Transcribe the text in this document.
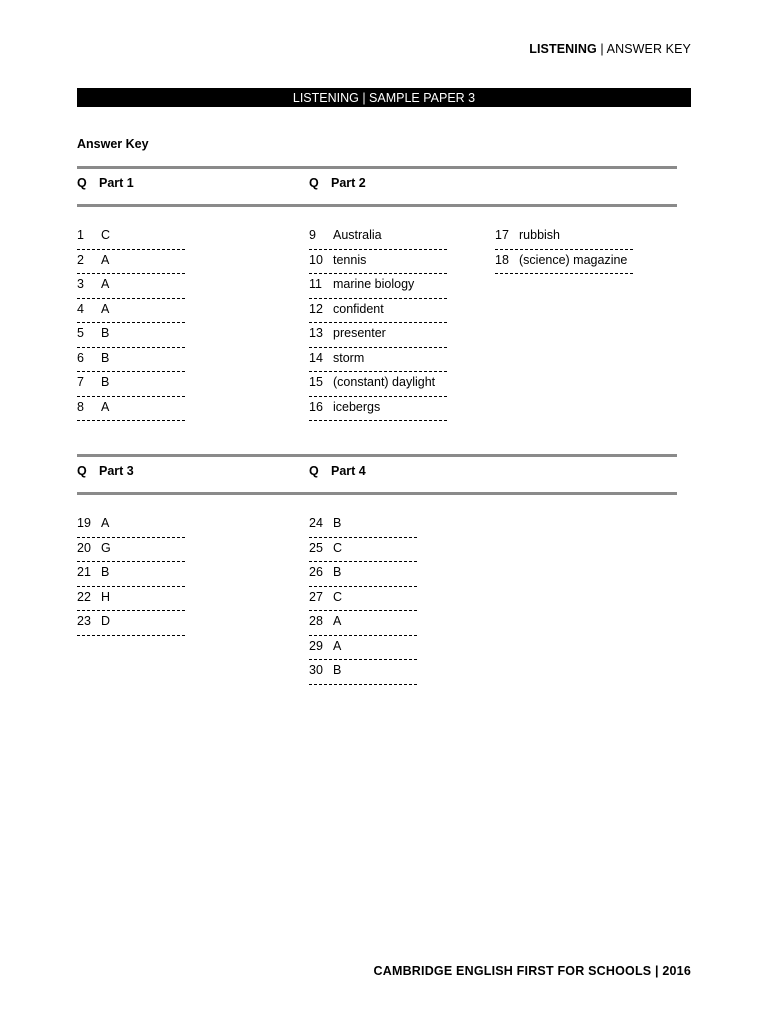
LISTENING | ANSWER KEY
LISTENING | SAMPLE PAPER 3
Answer Key
Q Part 1	Q Part 2
1	C
2	A
3	A
4	A
5	B
6	B
7	B
8	A
9	Australia
10 tennis
11 marine biology
12 confident
13 presenter
14 storm
15 (constant) daylight
16 icebergs
17 rubbish
18 (science) magazine
Q Part 3	Q Part 4
19 A
20 G
21 B
22 H
23 D
24 B
25 C
26 B
27 C
28 A
29 A
30 B
CAMBRIDGE ENGLISH FIRST FOR SCHOOLS | 2016
